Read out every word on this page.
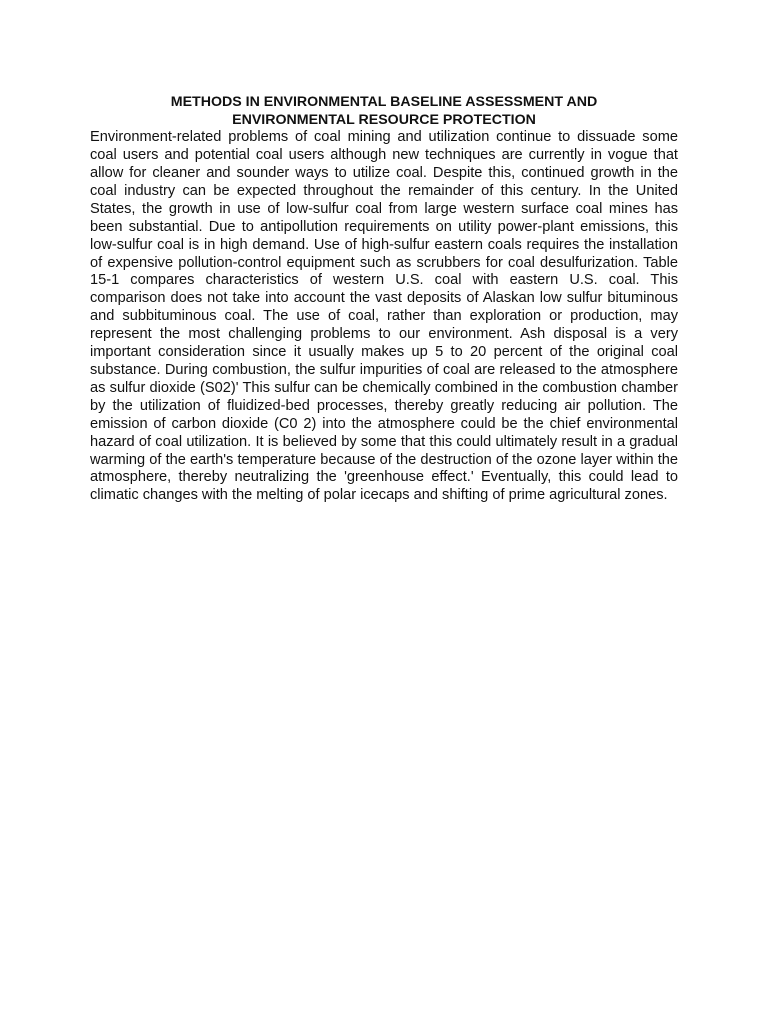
METHODS IN ENVIRONMENTAL BASELINE ASSESSMENT AND
ENVIRONMENTAL RESOURCE PROTECTION

Environment-related problems of coal mining and utilization continue to dissuade some coal users and potential coal users although new techniques are currently in vogue that allow for cleaner and sounder ways to utilize coal. Despite this, continued growth in the coal industry can be expected throughout the remainder of this century. In the United States, the growth in use of low-sulfur coal from large western surface coal mines has been substantial. Due to antipollution requirements on utility power-plant emissions, this low-sulfur coal is in high demand. Use of high-sulfur eastern coals requires the installation of expensive pollution-control equipment such as scrubbers for coal desulfurization. Table 15-1 compares characteristics of western U.S. coal with eastern U.S. coal. This comparison does not take into account the vast deposits of Alaskan low sulfur bituminous and subbituminous coal. The use of coal, rather than exploration or production, may represent the most challenging problems to our environment. Ash disposal is a very important consideration since it usually makes up 5 to 20 percent of the original coal substance. During combustion, the sulfur impurities of coal are released to the atmosphere as sulfur dioxide (S02)' This sulfur can be chemically combined in the combustion chamber by the utilization of fluidized-bed processes, thereby greatly reducing air pollution. The emission of carbon dioxide (C0 2) into the atmosphere could be the chief environmental hazard of coal utilization. It is believed by some that this could ultimately result in a gradual warming of the earth's temperature because of the destruction of the ozone layer within the atmosphere, thereby neutralizing the 'greenhouse effect.' Eventually, this could lead to climatic changes with the melting of polar icecaps and shifting of prime agricultural zones.
